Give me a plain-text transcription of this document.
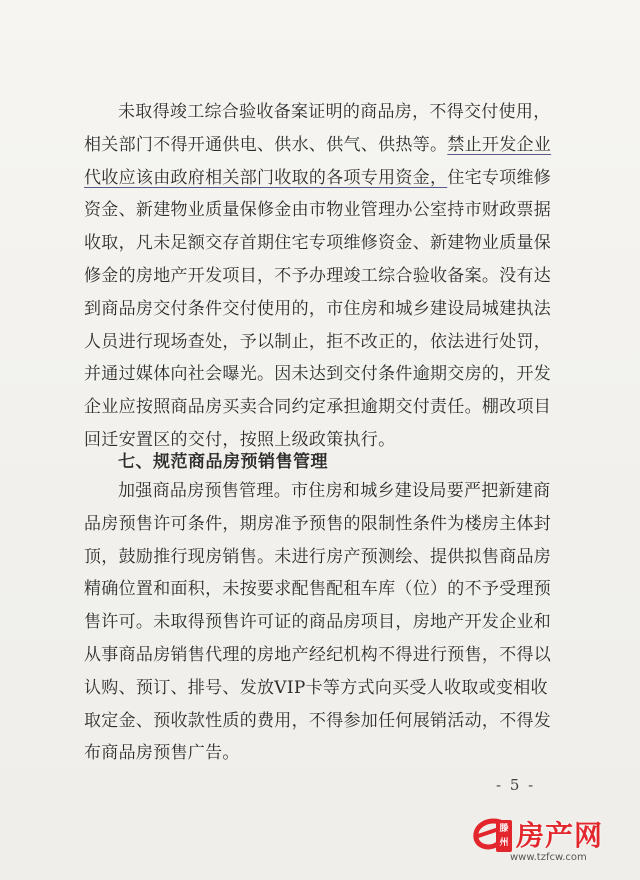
未取得竣工综合验收备案证明的商品房，不得交付使用，
相关部门不得开通供电、供水、供气、供热等。禁止开发企业
代收应该由政府相关部门收取的各项专用资金，住宅专项维修
资金、新建物业质量保修金由市物业管理办公室持市财政票据
收取，凡未足额交存首期住宅专项维修资金、新建物业质量保
修金的房地产开发项目，不予办理竣工综合验收备案。没有达
到商品房交付条件交付使用的，市住房和城乡建设局城建执法
人员进行现场查处，予以制止，拒不改正的，依法进行处罚，
并通过媒体向社会曝光。因未达到交付条件逾期交房的，开发
企业应按照商品房买卖合同约定承担逾期交付责任。棚改项目
回迁安置区的交付，按照上级政策执行。
七、规范商品房预销售管理
加强商品房预售管理。市住房和城乡建设局要严把新建商
品房预售许可条件，期房准予预售的限制性条件为楼房主体封
顶，鼓励推行现房销售。未进行房产预测绘、提供拟售商品房
精确位置和面积，未按要求配售配租车库（位）的不予受理预
售许可。未取得预售许可证的商品房项目，房地产开发企业和
从事商品房销售代理的房地产经纪机构不得进行预售，不得以
认购、预订、排号、发放VIP卡等方式向买受人收取或变相收
取定金、预收款性质的费用，不得参加任何展销活动，不得发
布商品房预售广告。
- 5 -
滕州 房产网
www.tzfcw.com
